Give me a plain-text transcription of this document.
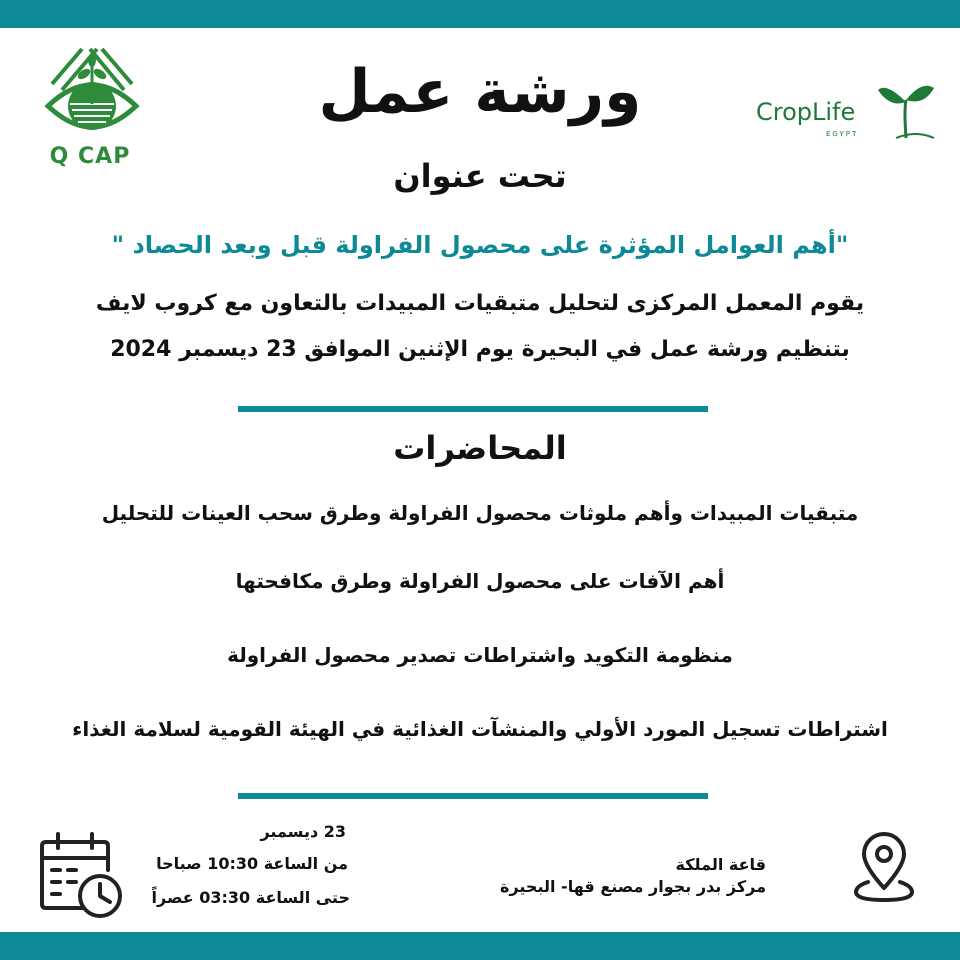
Q CAP
CropLife
EGYPT
ورشة عمل
تحت عنوان
"أهم العوامل المؤثرة على محصول الفراولة قبل وبعد الحصاد "
يقوم المعمل المركزى لتحليل متبقيات المبيدات بالتعاون مع كروب لايف
بتنظيم ورشة عمل في البحيرة يوم الإثنين الموافق 23 ديسمبر 2024
المحاضرات
متبقيات المبيدات وأهم ملوثات محصول الفراولة وطرق سحب العينات للتحليل
أهم الآفات على محصول الفراولة وطرق مكافحتها
منظومة التكويد واشتراطات تصدير محصول الفراولة
اشتراطات تسجيل المورد الأولي والمنشآت الغذائية في الهيئة القومية لسلامة الغذاء
23 ديسمبر
من الساعة 10:30 صباحا
حتى الساعة 03:30 عصراً
قاعة الملكة
مركز بدر بجوار مصنع قها- البحيرة
